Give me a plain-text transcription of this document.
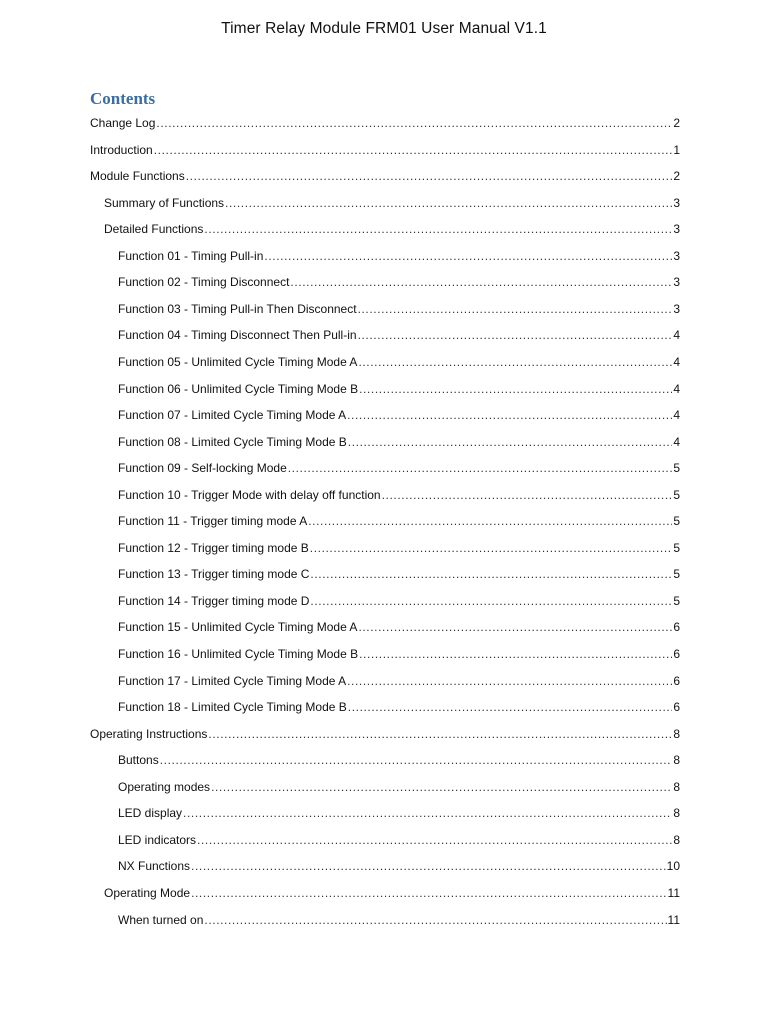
Timer Relay Module FRM01 User Manual V1.1
Contents
Change Log .....	2
Introduction .....	1
Module Functions .....	2
Summary of Functions .....	3
Detailed Functions .....	3
Function 01 - Timing Pull-in .....	3
Function 02 - Timing Disconnect .....	3
Function 03 - Timing Pull-in Then Disconnect .....	3
Function 04 - Timing Disconnect Then Pull-in .....	4
Function 05 - Unlimited Cycle Timing Mode A .....	4
Function 06 - Unlimited Cycle Timing Mode B .....	4
Function 07 - Limited Cycle Timing Mode A .....	4
Function 08 - Limited Cycle Timing Mode B .....	4
Function 09 - Self-locking Mode .....	5
Function 10 - Trigger Mode with delay off function .....	5
Function 11 - Trigger timing mode A .....	5
Function 12 - Trigger timing mode B .....	5
Function 13 - Trigger timing mode C .....	5
Function 14 - Trigger timing mode D .....	5
Function 15 - Unlimited Cycle Timing Mode A .....	6
Function 16 - Unlimited Cycle Timing Mode B .....	6
Function 17 - Limited Cycle Timing Mode A .....	6
Function 18 - Limited Cycle Timing Mode B .....	6
Operating Instructions .....	8
Buttons .....	8
Operating modes .....	8
LED display .....	8
LED indicators .....	8
NX Functions .....	10
Operating Mode .....	11
When turned on .....	11
